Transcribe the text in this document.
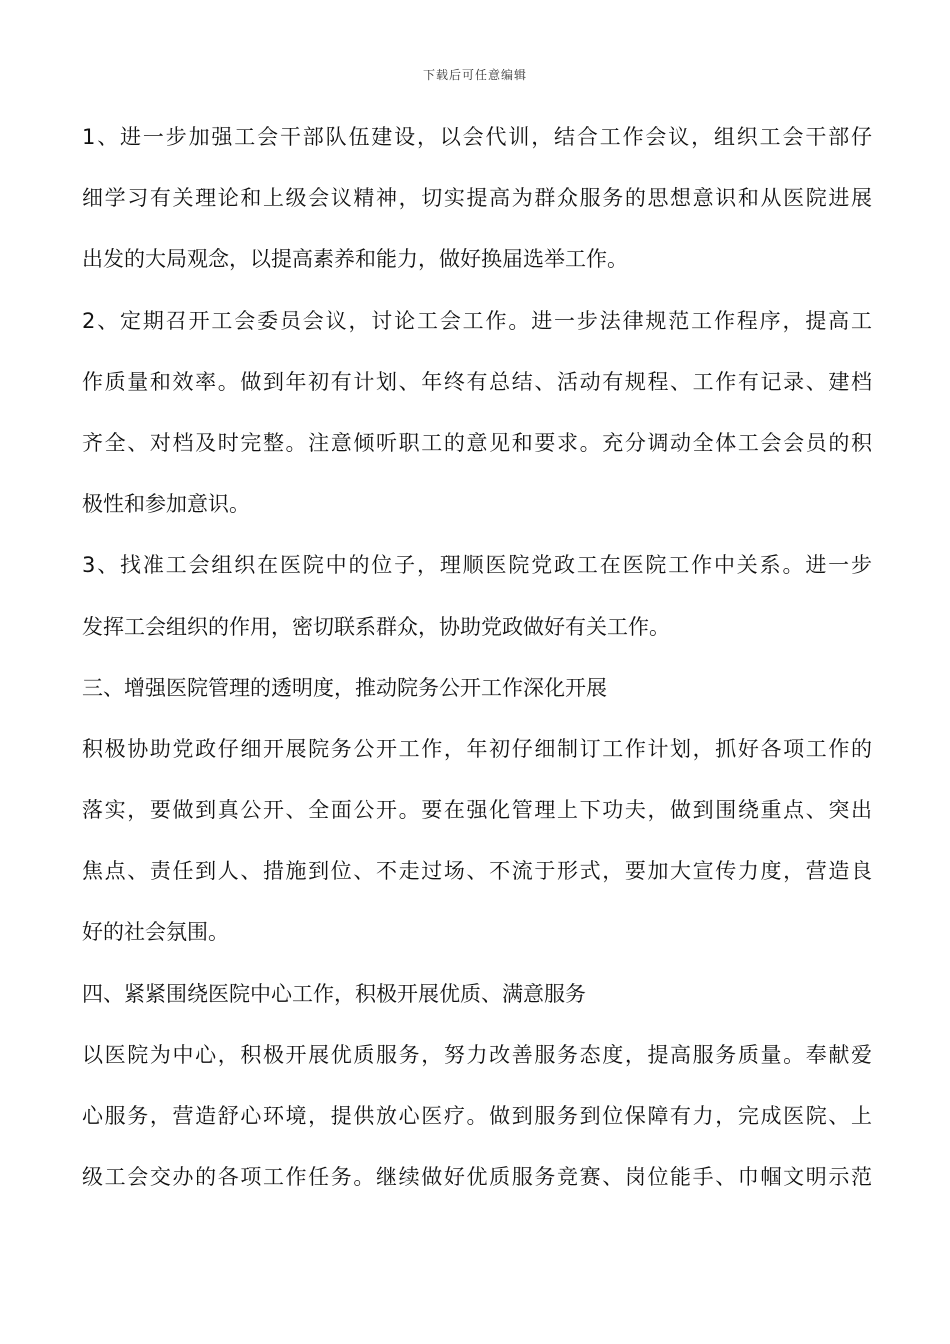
下载后可任意编辑
1、进一步加强工会干部队伍建设，以会代训，结合工作会议，组织工会干部仔
细学习有关理论和上级会议精神，切实提高为群众服务的思想意识和从医院进展
出发的大局观念，以提高素养和能力，做好换届选举工作。
2、定期召开工会委员会议，讨论工会工作。进一步法律规范工作程序，提高工
作质量和效率。做到年初有计划、年终有总结、活动有规程、工作有记录、建档
齐全、对档及时完整。注意倾听职工的意见和要求。充分调动全体工会会员的积
极性和参加意识。
3、找准工会组织在医院中的位子，理顺医院党政工在医院工作中关系。进一步
发挥工会组织的作用，密切联系群众，协助党政做好有关工作。
三、增强医院管理的透明度，推动院务公开工作深化开展
积极协助党政仔细开展院务公开工作，年初仔细制订工作计划，抓好各项工作的
落实，要做到真公开、全面公开。要在强化管理上下功夫，做到围绕重点、突出
焦点、责任到人、措施到位、不走过场、不流于形式，要加大宣传力度，营造良
好的社会氛围。
四、紧紧围绕医院中心工作，积极开展优质、满意服务
以医院为中心，积极开展优质服务，努力改善服务态度，提高服务质量。奉献爱
心服务，营造舒心环境，提供放心医疗。做到服务到位保障有力，完成医院、上
级工会交办的各项工作任务。继续做好优质服务竞赛、岗位能手、巾帼文明示范
